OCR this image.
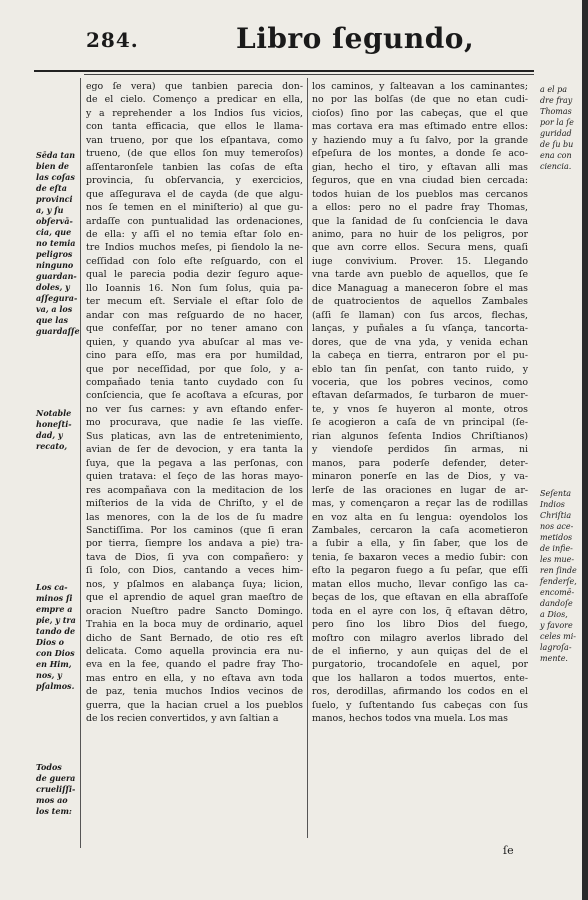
284.	Libro ſegundo,
ego ſe vera) que tanbien parecia don-
de el cielo. Començo a predicar en ella,
y a reprehender a los Indios ſus vicios,
con tanta efficacia, que ellos le llama-
van trueno, por que los eſpantava, como
trueno, (de que ellos ſon muy temeroſos)
aſſentaronſele tanbien las coſas de eſta
provincia, ſu obſervancia, y exercicios,
que aſſegurava el de cayda (de que algu-
nos ſe temen en el miniſterio) al que gu-
ardaſſe con puntualidad las ordenaciones,
de ella: y aſſi el no temia eſtar ſolo en-
tre Indios muchos meſes, pi ſiendolo la ne-
ceſſidad con ſolo eſte reſguardo, con el
qual le parecia podia dezir ſeguro aque-
llo Ioannis 16. Non ſum ſolus, quia pa-
ter mecum eſt. Serviale el eſtar ſolo de
andar con mas reſguardo de no hacer,
que confeſſar, por no tener amano con
quien, y quando yva abuſcar al mas ve-
cino para eſſo, mas era por humildad,
que por neceſſidad, por que ſolo, y a-
compañado tenia tanto cuydado con ſu
conſciencia, que ſe acoſtava a eſcuras, por
no ver ſus carnes: y avn eſtando enfer-
mo procurava, que nadie ſe las vieſſe.
Sus platicas, avn las de entretenimiento,
avian de ſer de devocion, y era tanta la
ſuya, que la pegava a las perſonas, con
quien tratava: el ſeço de las horas mayo-
res acompañava con la meditacion de los
miſterios de la vida de Chriſto, y el de
las menores, con la de los de ſu madre
Sanctiſſima. Por los caminos (que ſi eran
por tierra, ſiempre los andava a pie) tra-
tava de Dios, ſi yva con compañero: y
ſi ſolo, con Dios, cantando a veces him-
nos, y pſalmos en alabança ſuya; licion,
que el aprendio de aquel gran maeſtro de
oracion Nueſtro padre Sancto Domingo.
Trahia en la boca muy de ordinario, aquel
dicho de Sant Bernado, de otio res eſt
delicata. Como aquella provincia era nu-
eva en la fee, quando el padre fray Tho-
mas entro en ella, y no eſtava avn toda
de paz, tenia muchos Indios vecinos de
guerra, que la hacian cruel a los pueblos
de los recien convertidos, y avn ſaltian a
los caminos, y ſalteavan a los caminantes;
no por las bolſas (de que no etan cudi-
cioſos) ſino por las cabeças, que el que
mas cortava era mas eſtimado entre ellos:
y haziendo muy a ſu ſalvo, por la grande
eſpeſura de los montes, a donde ſe aco-
gian, hecho el tiro, y eſtavan alli mas
ſeguros, que en vna ciudad bien cercada:
todos huian de los pueblos mas cercanos
a ellos: pero no el padre fray Thomas,
que la ſanidad de ſu conſciencia le dava
animo, para no huir de los peligros, por
que avn corre ellos. Secura mens, quaſi
iuge convivium. Prover. 15. Llegando
vna tarde avn pueblo de aquellos, que ſe
dice Managuag a maneceron ſobre el mas
de quatrocientos de aquellos Zambales
(aſſi ſe llaman) con ſus arcos, flechas,
lanças, y puñales a ſu vſança, tancorta-
dores, que de vna yda, y venida echan
la cabeça en tierra, entraron por el pu-
eblo tan ſin penſat, con tanto ruido, y
voceria, que los pobres vecinos, como
eſtavan deſarmados, ſe turbaron de muer-
te, y vnos ſe huyeron al monte, otros
ſe acogieron a caſa de vn principal (ſe-
rian algunos ſeſenta Indios Chriſtianos)
y viendoſe perdidos ſin armas, ni
manos, para poderſe defender, deter-
minaron ponerſe en las de Dios, y va-
lerſe de las oraciones en lugar de ar-
mas, y començaron a reçar las de rodillas
en voz alta en ſu lengua: oyendolos los
Zambales, cercaron la caſa acometieron
a ſubir a ella, y ſin ſaber, que los de
tenia, ſe baxaron veces a medio ſubir: con
eſto la pegaron fuego a ſu peſar, que eſſi
matan ellos mucho, llevar conſigo las ca-
beças de los, que eſtavan en ella abraſſoſe
toda en el ayre con los, q̃ eſtavan dētro,
pero ſino los libro Dios del fuego,
moſtro con milagro averlos librado del
de el infierno, y aun quiças del de el
purgatorio, trocandoſele en aquel, por
que los hallaron a todos muertos, ente-
ros, derodillas, afirmando los codos en el
ſuelo, y ſuſtentando ſus cabeças con ſus
manos, hechos todos vna muela. Los mas
Sēda tan
bien de
las coſas
de eſta
provinci
a, y ſu
obſervā-
cia, que
no temia
peligros
ninguno
guardan-
doles, y
aſſegura-
va, a los
que las
guardaſſe
Notable
honeſti-
dad, y
recato,
Los ca-
minos ſi
empre a
pie, y tra
tando de
Dios o
con Dios
en Him,
nos, y
pſalmos.
Todos
de guera
crueliſſi-
mos ao
los tem:
a el pa
dre fray
Thomas
por la ſe
guridad
de ſu bu
ena con
ciencia.
Seſenta
Indios
Chriſtia
nos ace-
metidos
de infie-
les mue-
ren ſinde
fenderſe,
encomē-
dandoſe
a Dios,
y favore
celes mi-
lagroſa-
mente.
ſe
